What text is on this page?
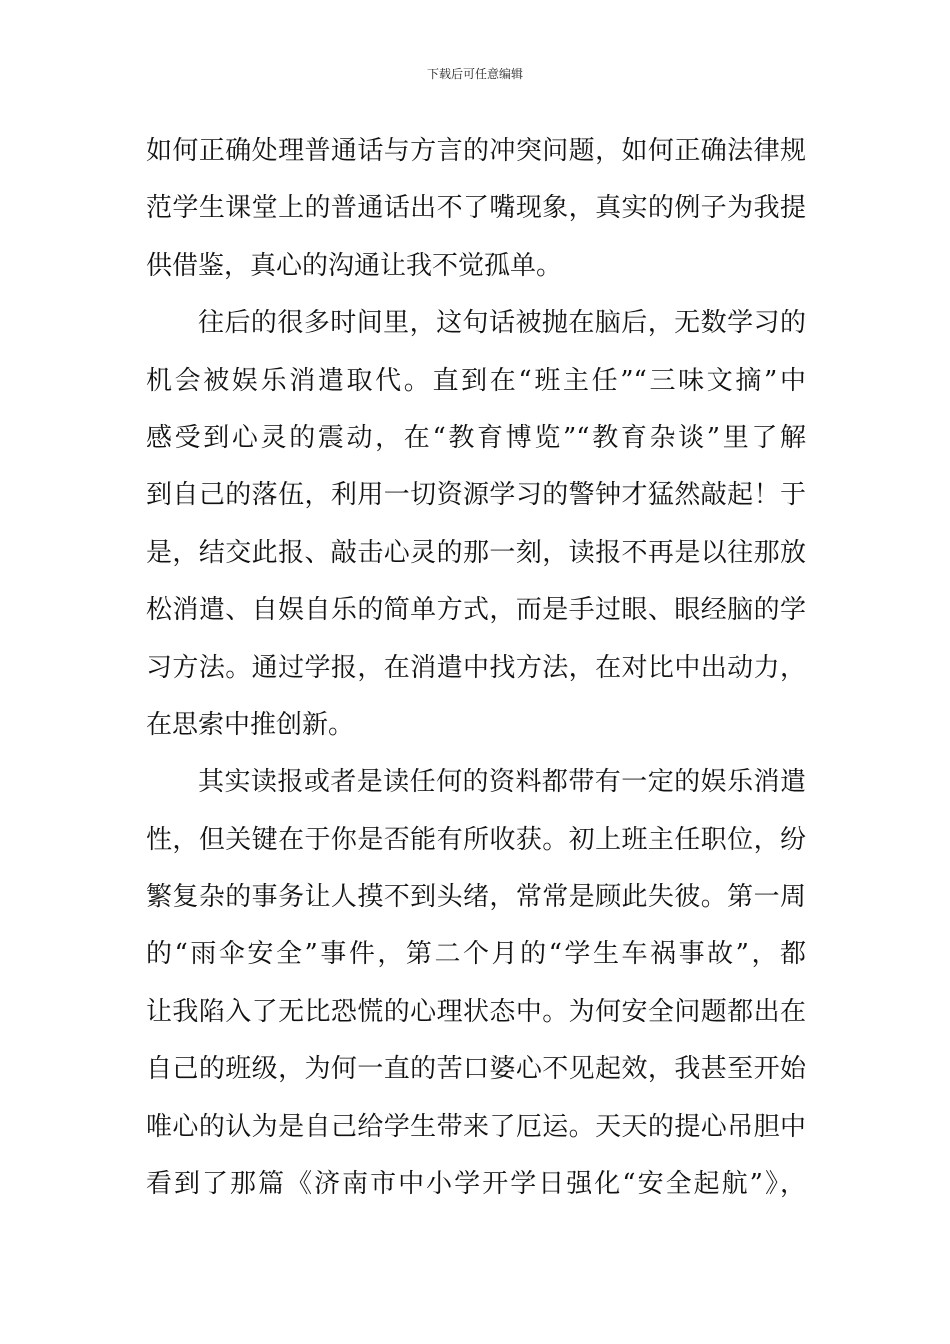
下载后可任意编辑
如何正确处理普通话与方言的冲突问题，如何正确法律规
范学生课堂上的普通话出不了嘴现象，真实的例子为我提
供借鉴，真心的沟通让我不觉孤单。
往后的很多时间里，这句话被抛在脑后，无数学习的
机会被娱乐消遣取代。直到在“班主任”“三味文摘”中
感受到心灵的震动，在“教育博览”“教育杂谈”里了解
到自己的落伍，利用一切资源学习的警钟才猛然敲起！于
是，结交此报、敲击心灵的那一刻，读报不再是以往那放
松消遣、自娱自乐的简单方式，而是手过眼、眼经脑的学
习方法。通过学报，在消遣中找方法，在对比中出动力，
在思索中推创新。
其实读报或者是读任何的资料都带有一定的娱乐消遣
性，但关键在于你是否能有所收获。初上班主任职位，纷
繁复杂的事务让人摸不到头绪，常常是顾此失彼。第一周
的“雨伞安全”事件，第二个月的“学生车祸事故”，都
让我陷入了无比恐慌的心理状态中。为何安全问题都出在
自己的班级，为何一直的苦口婆心不见起效，我甚至开始
唯心的认为是自己给学生带来了厄运。天天的提心吊胆中
看到了那篇《济南市中小学开学日强化“安全起航”》，
